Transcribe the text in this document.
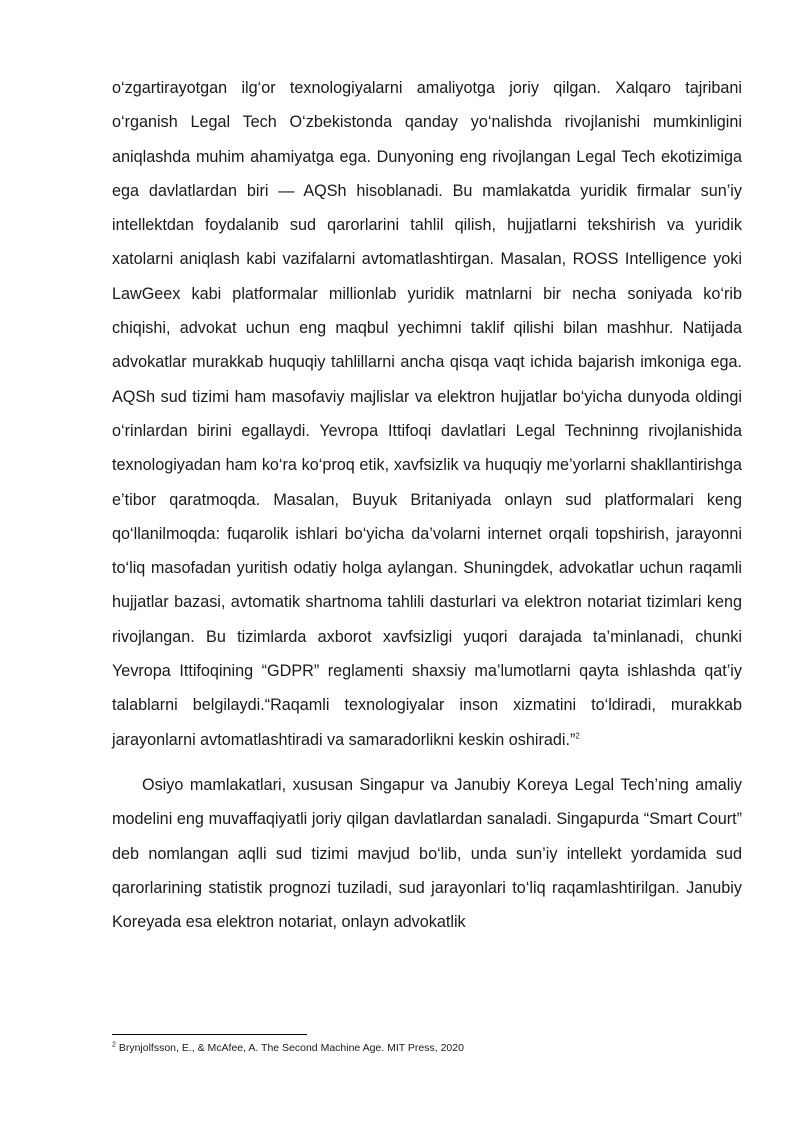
o‘zgartirayotgan ilg‘or texnologiyalarni amaliyotga joriy qilgan. Xalqaro tajribani o‘rganish Legal Tech O‘zbekistonda qanday yo‘nalishda rivojlanishi mumkinligini aniqlashda muhim ahamiyatga ega. Dunyoning eng rivojlangan Legal Tech ekotizimiga ega davlatlardan biri — AQSh hisoblanadi. Bu mamlakatda yuridik firmalar sun’iy intellektdan foydalanib sud qarorlarini tahlil qilish, hujjatlarni tekshirish va yuridik xatolarni aniqlash kabi vazifalarni avtomatlashtirgan. Masalan, ROSS Intelligence yoki LawGeex kabi platformalar millionlab yuridik matnlarni bir necha soniyada ko‘rib chiqishi, advokat uchun eng maqbul yechimni taklif qilishi bilan mashhur. Natijada advokatlar murakkab huquqiy tahlillarni ancha qisqa vaqt ichida bajarish imkoniga ega. AQSh sud tizimi ham masofaviy majlislar va elektron hujjatlar bo‘yicha dunyoda oldingi o‘rinlardan birini egallaydi. Yevropa Ittifoqi davlatlari Legal Techninng rivojlanishida texnologiyadan ham ko‘ra ko‘proq etik, xavfsizlik va huquqiy me’yorlarni shakllantirishga e’tibor qaratmoqda. Masalan, Buyuk Britaniyada onlayn sud platformalari keng qo‘llanilmoqda: fuqarolik ishlari bo‘yicha da’volarni internet orqali topshirish, jarayonni to‘liq masofadan yuritish odatiy holga aylangan. Shuningdek, advokatlar uchun raqamli hujjatlar bazasi, avtomatik shartnoma tahlili dasturlari va elektron notariat tizimlari keng rivojlangan. Bu tizimlarda axborot xavfsizligi yuqori darajada ta’minlanadi, chunki Yevropa Ittifoqining “GDPR” reglamenti shaxsiy ma’lumotlarni qayta ishlashda qat’iy talablarni belgilaydi.“Raqamli texnologiyalar inson xizmatini to‘ldiradi, murakkab jarayonlarni avtomatlashtiradi va samaradorlikni keskin oshiradi.”$^2$

Osiyo mamlakatlari, xususan Singapur va Janubiy Koreya Legal Tech’ning amaliy modelini eng muvaffaqiyatli joriy qilgan davlatlardan sanaladi. Singapurda “Smart Court” deb nomlangan aqlli sud tizimi mavjud bo‘lib, unda sun’iy intellekt yordamida sud qarorlarining statistik prognozi tuziladi, sud jarayonlari to‘liq raqamlashtirilgan. Janubiy Koreyada esa elektron notariat, onlayn advokatlik

$^2$ Brynjolfsson, E., & McAfee, A. The Second Machine Age. MIT Press, 2020
